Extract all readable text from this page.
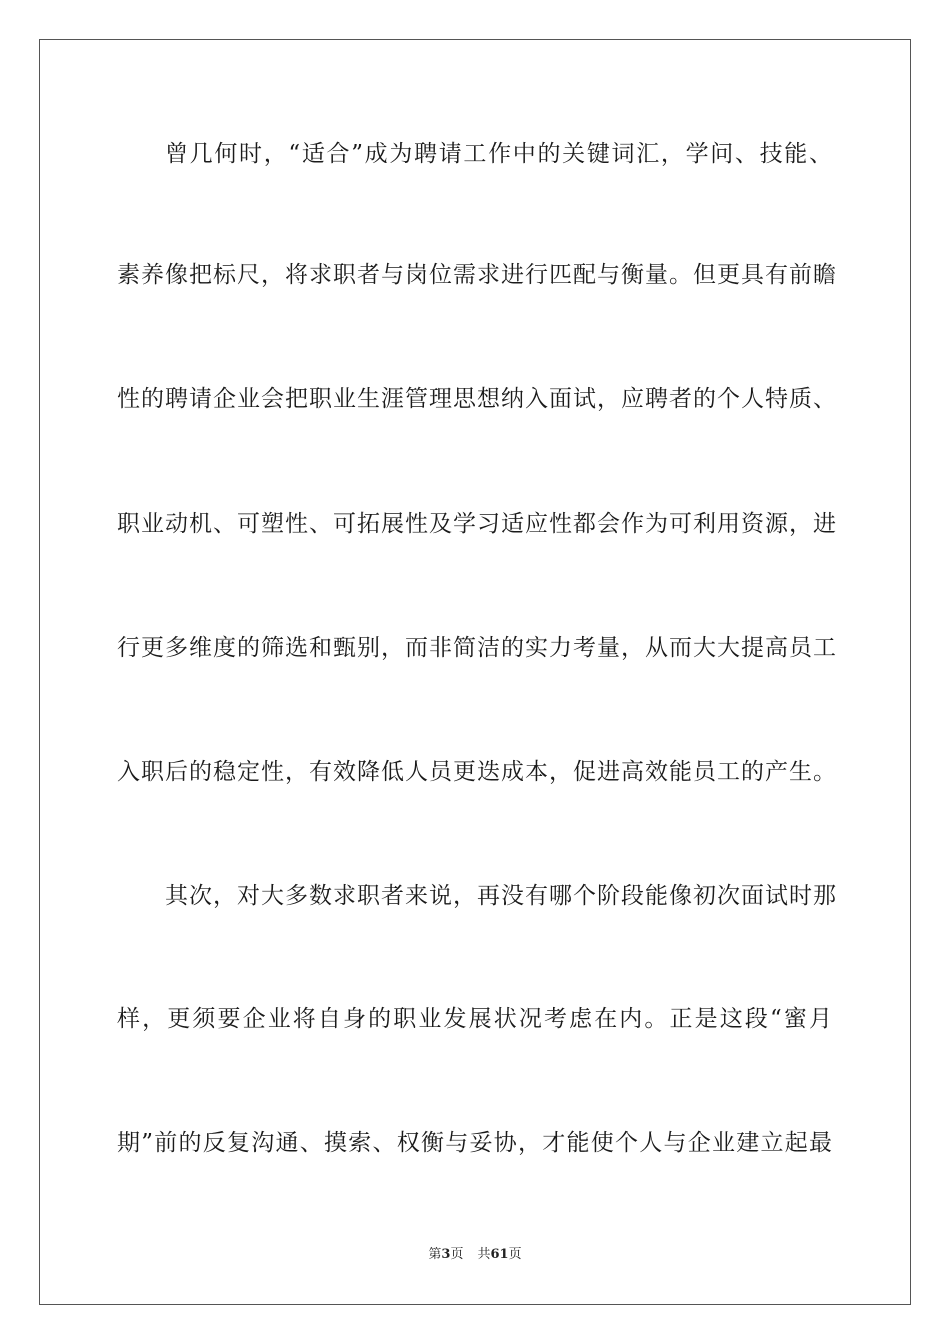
曾几何时，“适合”成为聘请工作中的关键词汇，学问、技能、
素养像把标尺，将求职者与岗位需求进行匹配与衡量。但更具有前瞻
性的聘请企业会把职业生涯管理思想纳入面试，应聘者的个人特质、
职业动机、可塑性、可拓展性及学习适应性都会作为可利用资源，进
行更多维度的筛选和甄别，而非简洁的实力考量，从而大大提高员工
入职后的稳定性，有效降低人员更迭成本，促进高效能员工的产生。
其次，对大多数求职者来说，再没有哪个阶段能像初次面试时那
样，更须要企业将自身的职业发展状况考虑在内。正是这段“蜜月
期”前的反复沟通、摸索、权衡与妥协，才能使个人与企业建立起最
第3页 共61页
